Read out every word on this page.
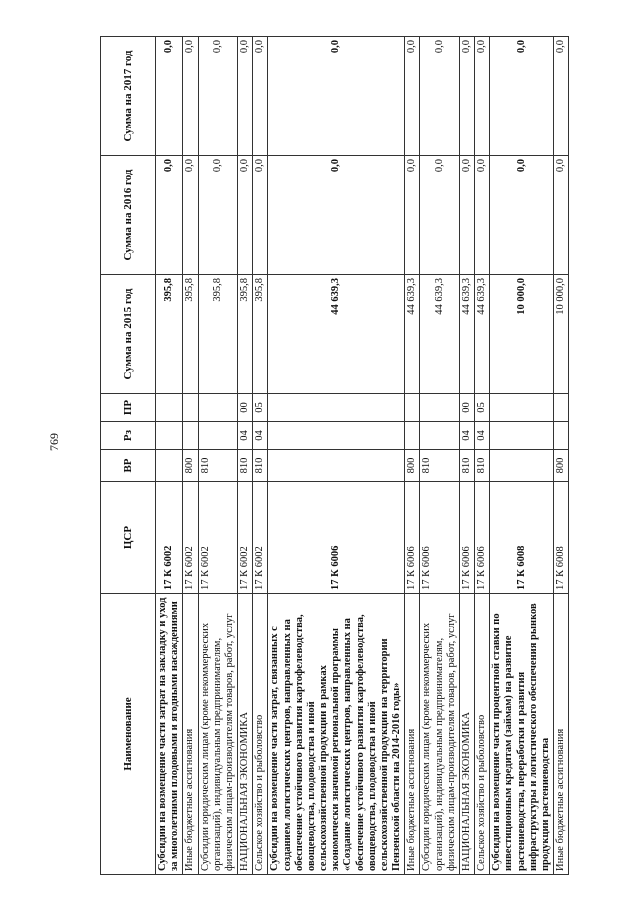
769
Наименование	ЦСР	ВР	Рз	ПР	Сумма на 2015 год	Сумма на 2016 год	Сумма на 2017 год
Субсидии на возмещение части затрат на закладку и уход за многолетними плодовыми и ягодными насаждениями	17 К 6002				395,8	0,0	0,0
Иные бюджетные ассигнования	17 К 6002	800			395,8	0,0	0,0
Субсидии юридическим лицам (кроме некоммерческих организаций), индивидуальным предпринимателям, физическим лицам-производителям товаров, работ, услуг	17 К 6002	810			395,8	0,0	0,0
НАЦИОНАЛЬНАЯ ЭКОНОМИКА	17 К 6002	810	04	00	395,8	0,0	0,0
Сельское хозяйство и рыболовство	17 К 6002	810	04	05	395,8	0,0	0,0
Субсидии на возмещение части затрат, связанных с созданием логистических центров, направленных на обеспечение устойчивого развития картофелеводства, овощеводства, плодоводства и иной сельскохозяйственной продукции в рамках экономически значимой региональной программы «Создание логистических центров, направленных на обеспечение устойчивого развития картофелеводства, овощеводства, плодоводства и иной сельскохозяйственной продукции на территории Пензенской области на 2014-2016 годы»	17 К 6006				44 639,3	0,0	0,0
Иные бюджетные ассигнования	17 К 6006	800			44 639,3	0,0	0,0
Субсидии юридическим лицам (кроме некоммерческих организаций), индивидуальным предпринимателям, физическим лицам-производителям товаров, работ, услуг	17 К 6006	810			44 639,3	0,0	0,0
НАЦИОНАЛЬНАЯ ЭКОНОМИКА	17 К 6006	810	04	00	44 639,3	0,0	0,0
Сельское хозяйство и рыболовство	17 К 6006	810	04	05	44 639,3	0,0	0,0
Субсидии на возмещение части процентной ставки по инвестиционным кредитам (займам) на развитие растениеводства, переработки и развития инфраструктуры и логистического обеспечения рынков продукции растениеводства	17 К 6008				10 000,0	0,0	0,0
Иные бюджетные ассигнования	17 К 6008	800			10 000,0	0,0	0,0
